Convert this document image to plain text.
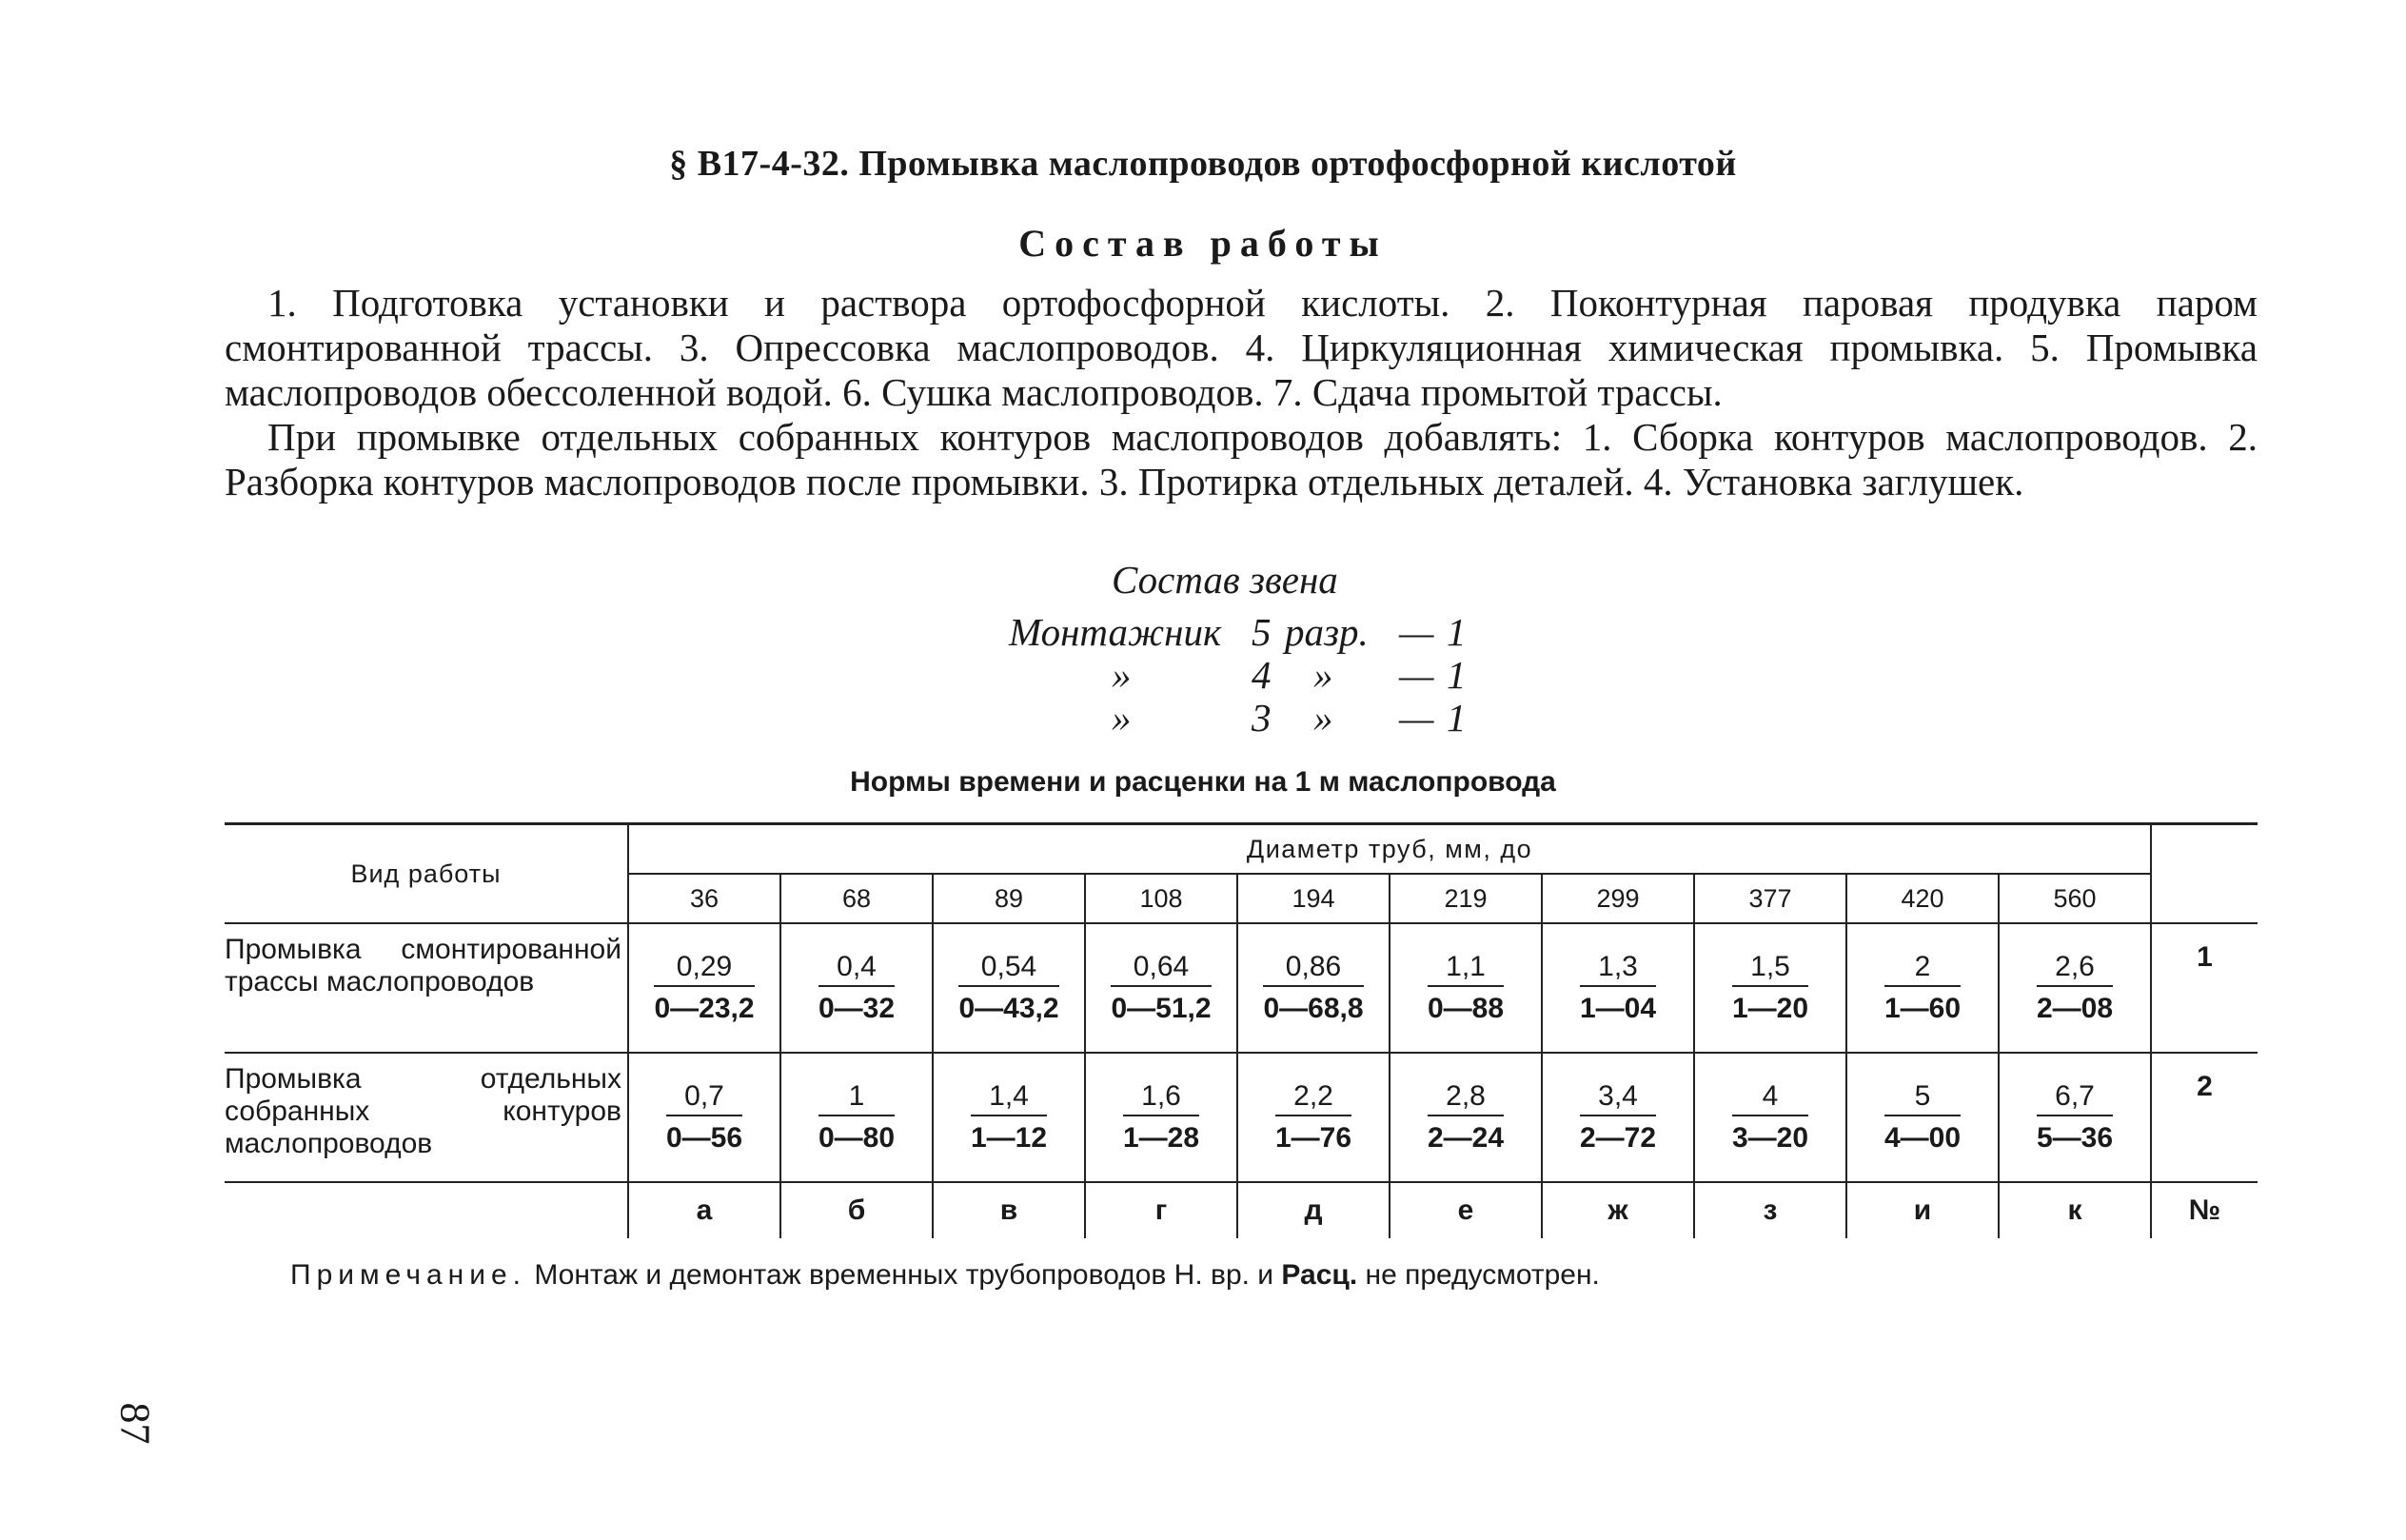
§ В17-4-32. Промывка маслопроводов ортофосфорной кислотой
Состав работы
1. Подготовка установки и раствора ортофосфорной кислоты. 2. Поконтурная паровая продувка паром смонтированной трассы. 3. Опрессовка маслопроводов. 4. Циркуляционная химическая промывка. 5. Промывка маслопроводов обессоленной водой. 6. Сушка маслопроводов. 7. Сдача промытой трассы.
При промывке отдельных собранных контуров маслопроводов добавлять: 1. Сборка контуров маслопроводов. 2. Разборка контуров маслопроводов после промывки. 3. Протирка отдельных деталей. 4. Установка заглушек.
Состав звена
Монтажник 5 разр. — 1
»	4 » — 1
»	3 » — 1
Нормы времени и расценки на 1 м маслопровода
Вид работы	Диаметр труб, мм, до										
	36	68	89	108	194	219	299	377	420	560	
Промывка смонтированной трассы маслопроводов	$\frac{0,29}{0—23,2}$	$\frac{0,4}{0—32}$	$\frac{0,54}{0—43,2}$	$\frac{0,64}{0—51,2}$	$\frac{0,86}{0—68,8}$	$\frac{1,1}{0—88}$	$\frac{1,3}{1—04}$	$\frac{1,5}{1—20}$	$\frac{2}{1—60}$	$\frac{2,6}{2—08}$	1
Промывка отдельных собранных контуров маслопроводов	$\frac{0,7}{0—56}$	$\frac{1}{0—80}$	$\frac{1,4}{1—12}$	$\frac{1,6}{1—28}$	$\frac{2,2}{1—76}$	$\frac{2,8}{2—24}$	$\frac{3,4}{2—72}$	$\frac{4}{3—20}$	$\frac{5}{4—00}$	$\frac{6,7}{5—36}$	2
	а	б	в	г	д	е	ж	з	и	к	№
Примечание. Монтаж и демонтаж временных трубопроводов Н. вр. и Расц. не предусмотрен.
87
